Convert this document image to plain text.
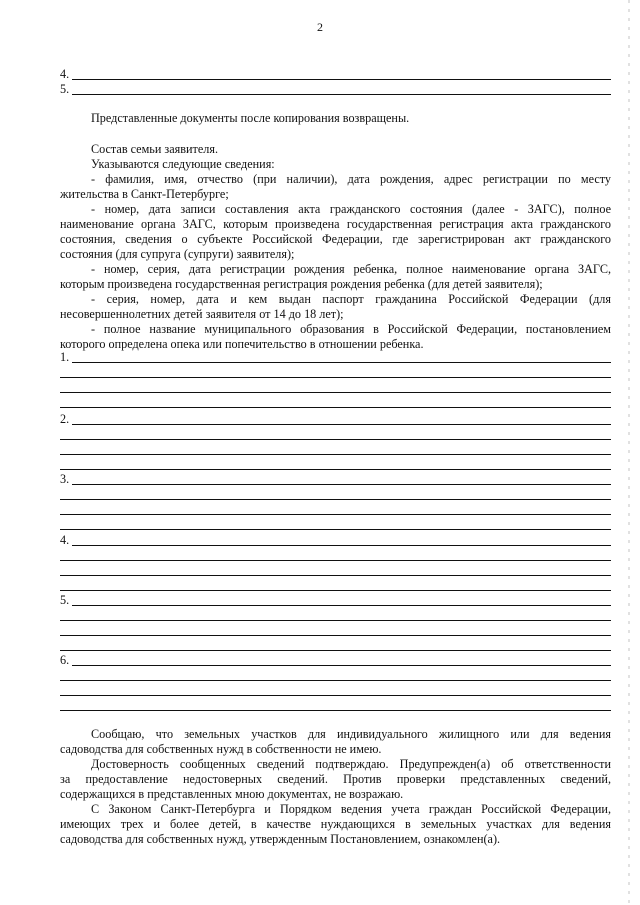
2
4.
5.
Представленные документы после копирования возвращены.
Состав семьи заявителя.
Указываются следующие сведения:
- фамилия, имя, отчество (при наличии), дата рождения, адрес регистрации по месту
жительства в Санкт-Петербурге;
- номер, дата записи составления акта гражданского состояния (далее - ЗАГС), полное
наименование органа ЗАГС, которым произведена государственная регистрация акта гражданского
состояния, сведения о субъекте Российской Федерации, где зарегистрирован акт гражданского
состояния (для супруга (супруги) заявителя);
- номер, серия, дата регистрации рождения ребенка, полное наименование органа ЗАГС,
которым произведена государственная регистрация рождения ребенка (для детей заявителя);
- серия, номер, дата и кем выдан паспорт гражданина Российской Федерации (для
несовершеннолетних детей заявителя от 14 до 18 лет);
- полное название муниципального образования в Российской Федерации, постановлением
которого определена опека или попечительство в отношении ребенка.
1.
2.
3.
4.
5.
6.
Сообщаю, что земельных участков для индивидуального жилищного или для ведения
садоводства для собственных нужд в собственности не имею.
Достоверность сообщенных сведений подтверждаю. Предупрежден(а) об ответственности
за предоставление недостоверных сведений. Против проверки представленных сведений,
содержащихся в представленных мною документах, не возражаю.
С Законом Санкт-Петербурга и Порядком ведения учета граждан Российской Федерации,
имеющих трех и более детей, в качестве нуждающихся в земельных участках для ведения
садоводства для собственных нужд, утвержденным Постановлением, ознакомлен(а).
